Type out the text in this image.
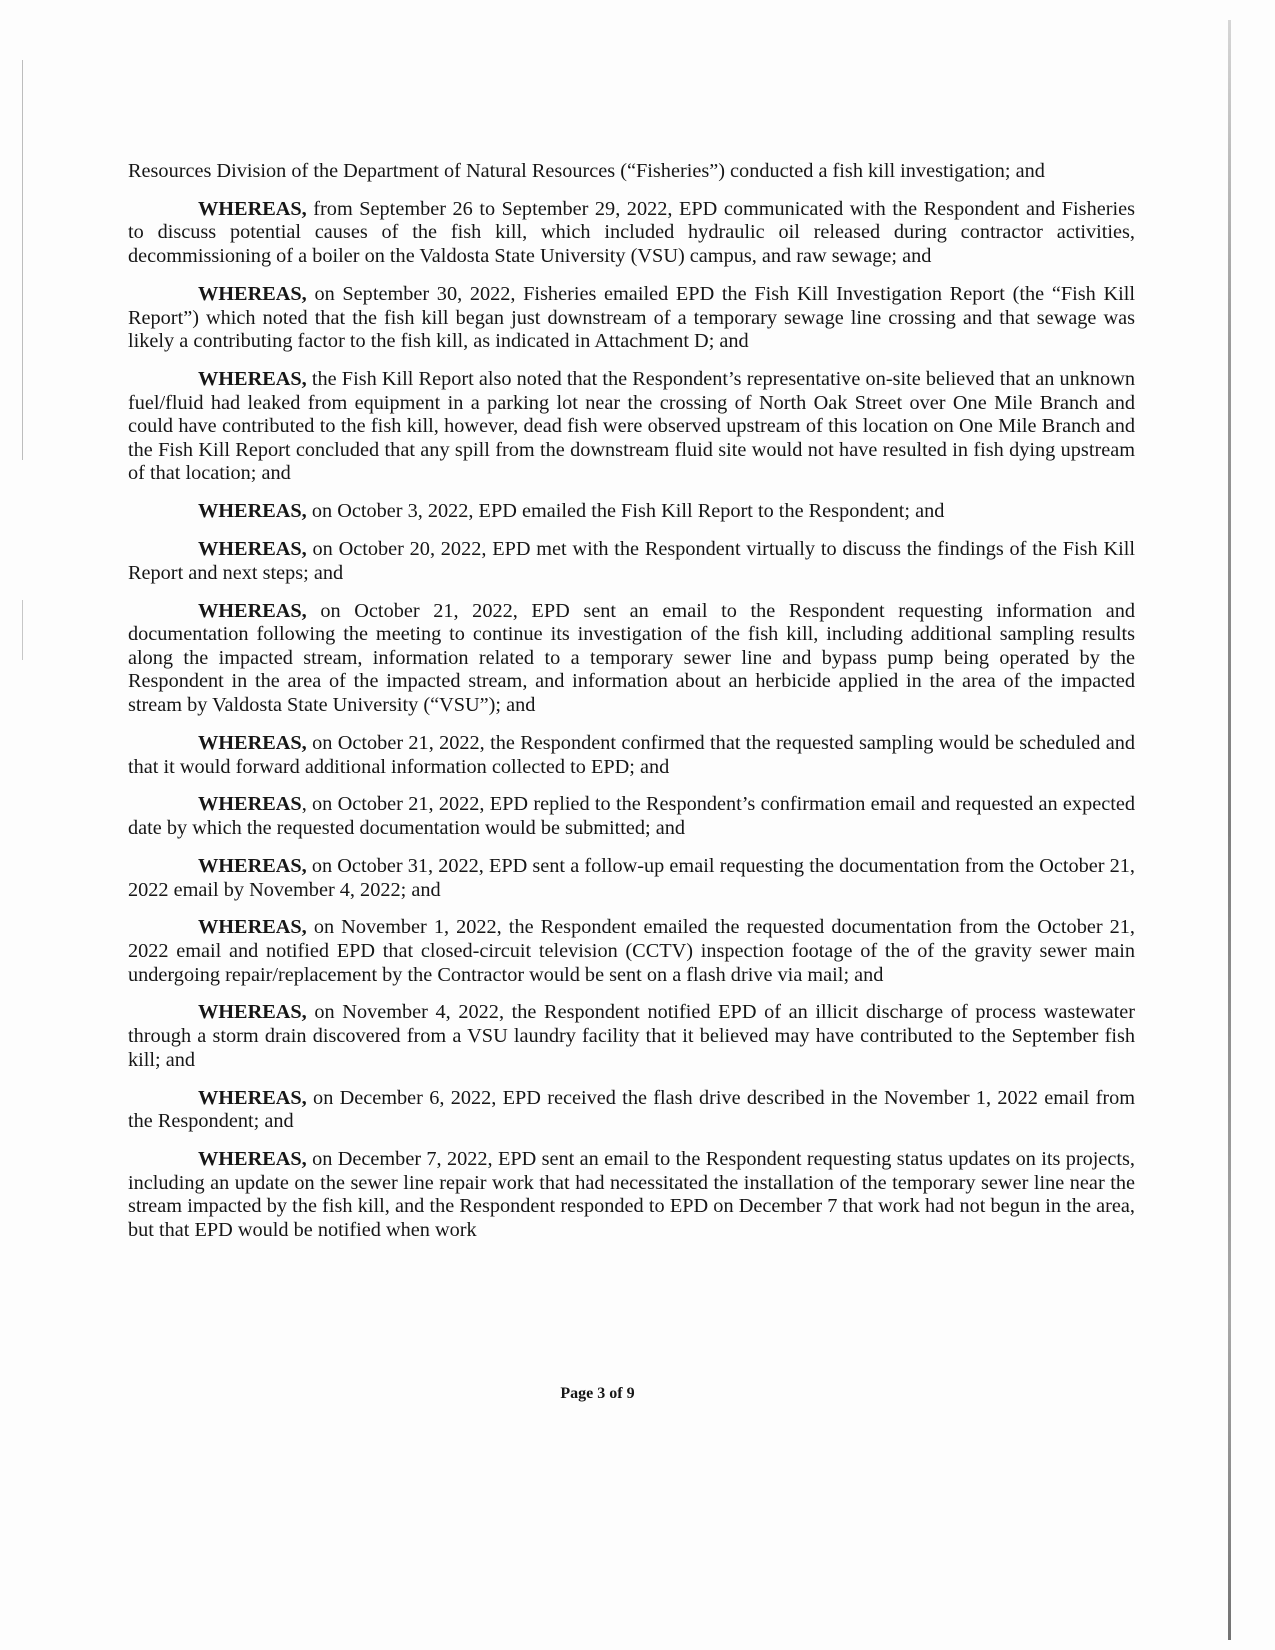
Resources Division of the Department of Natural Resources (“Fisheries”) conducted a fish kill investigation; and

WHEREAS, from September 26 to September 29, 2022, EPD communicated with the Respondent and Fisheries to discuss potential causes of the fish kill, which included hydraulic oil released during contractor activities, decommissioning of a boiler on the Valdosta State University (VSU) campus, and raw sewage; and

WHEREAS, on September 30, 2022, Fisheries emailed EPD the Fish Kill Investigation Report (the “Fish Kill Report”) which noted that the fish kill began just downstream of a temporary sewage line crossing and that sewage was likely a contributing factor to the fish kill, as indicated in Attachment D; and

WHEREAS, the Fish Kill Report also noted that the Respondent’s representative on-site believed that an unknown fuel/fluid had leaked from equipment in a parking lot near the crossing of North Oak Street over One Mile Branch and could have contributed to the fish kill, however, dead fish were observed upstream of this location on One Mile Branch and the Fish Kill Report concluded that any spill from the downstream fluid site would not have resulted in fish dying upstream of that location; and

WHEREAS, on October 3, 2022, EPD emailed the Fish Kill Report to the Respondent; and

WHEREAS, on October 20, 2022, EPD met with the Respondent virtually to discuss the findings of the Fish Kill Report and next steps; and

WHEREAS, on October 21, 2022, EPD sent an email to the Respondent requesting information and documentation following the meeting to continue its investigation of the fish kill, including additional sampling results along the impacted stream, information related to a temporary sewer line and bypass pump being operated by the Respondent in the area of the impacted stream, and information about an herbicide applied in the area of the impacted stream by Valdosta State University (“VSU”); and

WHEREAS, on October 21, 2022, the Respondent confirmed that the requested sampling would be scheduled and that it would forward additional information collected to EPD; and

WHEREAS, on October 21, 2022, EPD replied to the Respondent’s confirmation email and requested an expected date by which the requested documentation would be submitted; and

WHEREAS, on October 31, 2022, EPD sent a follow-up email requesting the documentation from the October 21, 2022 email by November 4, 2022; and

WHEREAS, on November 1, 2022, the Respondent emailed the requested documentation from the October 21, 2022 email and notified EPD that closed-circuit television (CCTV) inspection footage of the of the gravity sewer main undergoing repair/replacement by the Contractor would be sent on a flash drive via mail; and

WHEREAS, on November 4, 2022, the Respondent notified EPD of an illicit discharge of process wastewater through a storm drain discovered from a VSU laundry facility that it believed may have contributed to the September fish kill; and

WHEREAS, on December 6, 2022, EPD received the flash drive described in the November 1, 2022 email from the Respondent; and

WHEREAS, on December 7, 2022, EPD sent an email to the Respondent requesting status updates on its projects, including an update on the sewer line repair work that had necessitated the installation of the temporary sewer line near the stream impacted by the fish kill, and the Respondent responded to EPD on December 7 that work had not begun in the area, but that EPD would be notified when work

Page 3 of 9
